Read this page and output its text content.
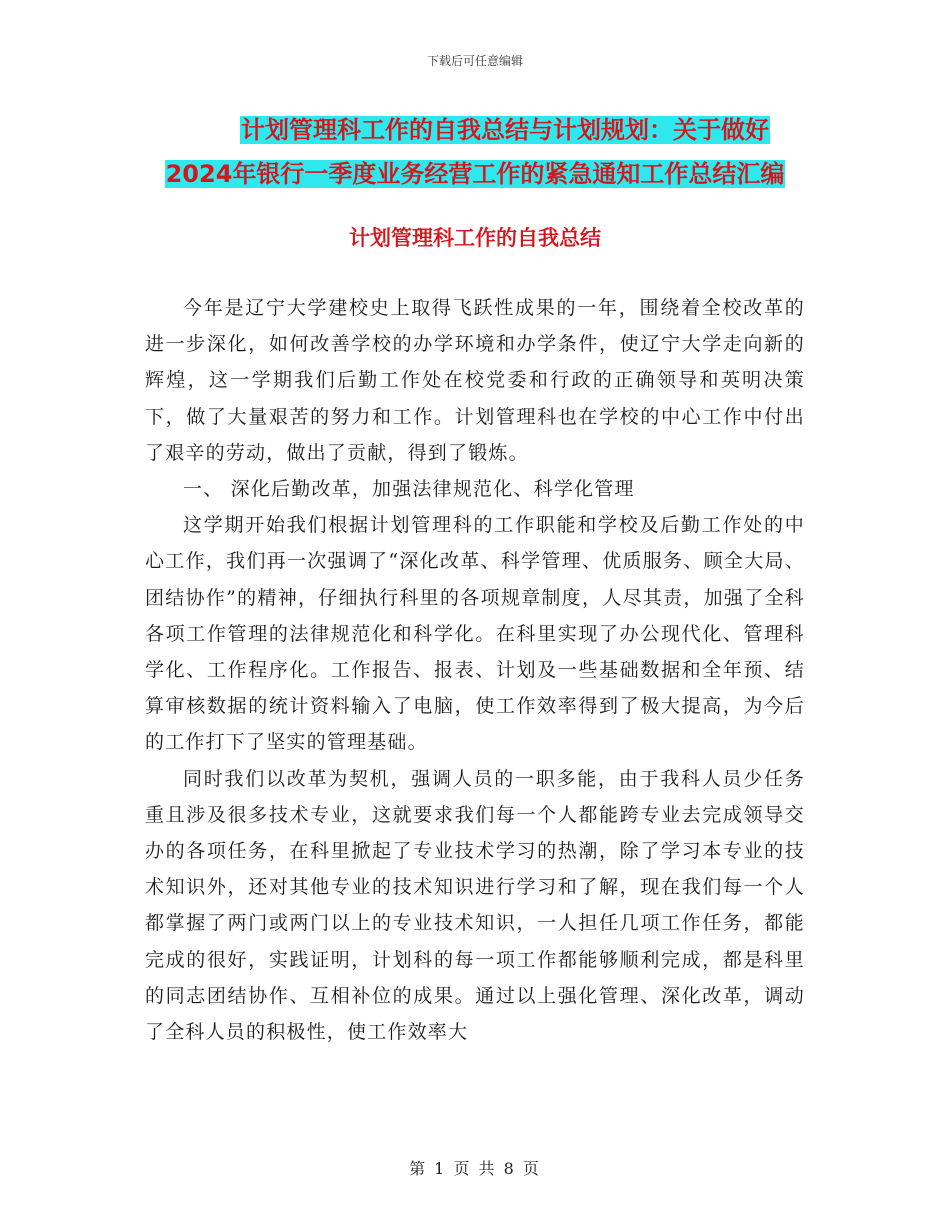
下载后可任意编辑
计划管理科工作的自我总结与计划规划：关于做好
2024年银行一季度业务经营工作的紧急通知工作总结汇编
计划管理科工作的自我总结

今年是辽宁大学建校史上取得飞跃性成果的一年，围绕着全校改革的进一步深化，如何改善学校的办学环境和办学条件，使辽宁大学走向新的辉煌，这一学期我们后勤工作处在校党委和行政的正确领导和英明决策下，做了大量艰苦的努力和工作。计划管理科也在学校的中心工作中付出了艰辛的劳动，做出了贡献，得到了锻炼。

一、 深化后勤改革，加强法律规范化、科学化管理

这学期开始我们根据计划管理科的工作职能和学校及后勤工作处的中心工作，我们再一次强调了“深化改革、科学管理、优质服务、顾全大局、团结协作”的精神，仔细执行科里的各项规章制度，人尽其责，加强了全科各项工作管理的法律规范化和科学化。在科里实现了办公现代化、管理科学化、工作程序化。工作报告、报表、计划及一些基础数据和全年预、结算审核数据的统计资料输入了电脑，使工作效率得到了极大提高，为今后的工作打下了坚实的管理基础。

同时我们以改革为契机，强调人员的一职多能，由于我科人员少任务重且涉及很多技术专业，这就要求我们每一个人都能跨专业去完成领导交办的各项任务，在科里掀起了专业技术学习的热潮，除了学习本专业的技术知识外，还对其他专业的技术知识进行学习和了解，现在我们每一个人都掌握了两门或两门以上的专业技术知识，一人担任几项工作任务，都能完成的很好，实践证明，计划科的每一项工作都能够顺利完成，都是科里的同志团结协作、互相补位的成果。通过以上强化管理、深化改革，调动了全科人员的积极性，使工作效率大

第 1 页 共 8 页
